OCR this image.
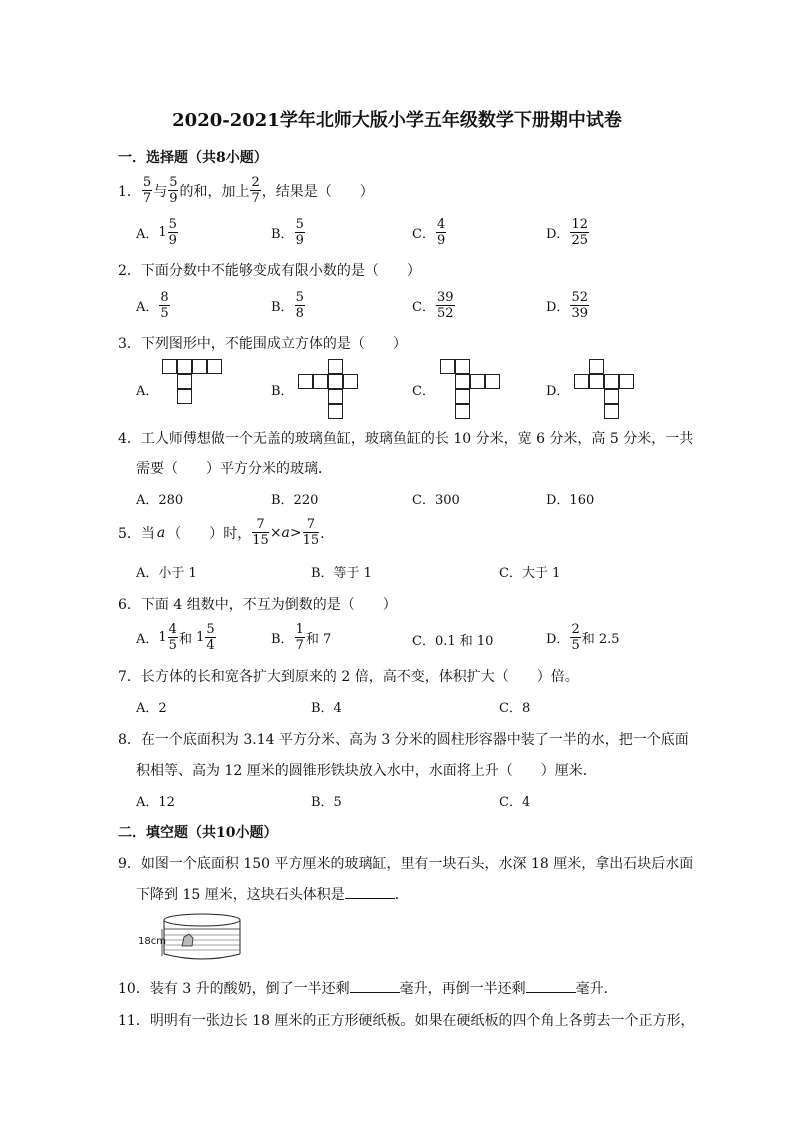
2020-2021学年北师大版小学五年级数学下册期中试卷
一．选择题（共8小题）
1． $\frac{5}{7}$ 与 $\frac{5}{9}$ 的和，加上 $\frac{2}{7}$ ，结果是（　　）
A． $1 \frac{5}{9}$	B． $\frac{5}{9}$	C． $\frac{4}{9}$	D． $\frac{12}{25}$
2．下面分数中不能够变成有限小数的是（　　）
A． $\frac{8}{5}$	B． $\frac{5}{8}$	C． $\frac{39}{52}$	D． $\frac{52}{39}$
3．下列图形中，不能围成立方体的是（　　）
A．	B．	C．	D．
4．工人师傅想做一个无盖的玻璃鱼缸，玻璃鱼缸的长 10 分米，宽 6 分米，高 5 分米，一共
需要（　　）平方分米的玻璃．
A．280	B．220	C．300	D．160
5．当 a （　　）时， $\frac{7}{15} \times a> \frac{7}{15}$ ．
A．小于 1	B．等于 1	C．大于 1
6．下面 4 组数中，不互为倒数的是（　　）
A． $1 \frac{4}{5}$ 和
$1 \frac{5}{4}$	B． $\frac{1}{7}$ 和 7	C．0.1 和 10	D． $\frac{2}{5}$ 和 2.5
7．长方体的长和宽各扩大到原来的 2 倍，高不变，体积扩大（　　）倍。
A．2	B．4	C．8
8．在一个底面积为 3.14 平方分米、高为 3 分米的圆柱形容器中装了一半的水，把一个底面
积相等、高为 12 厘米的圆锥形铁块放入水中，水面将上升（　　）厘米．
A．12	B．5	C．4
二．填空题（共10小题）
9．如图一个底面积 150 平方厘米的玻璃缸，里有一块石头，水深 18 厘米，拿出石块后水面
下降到 15 厘米，这块石头体积是	．
18cm
10．装有 3 升的酸奶，倒了一半还剩	毫升，再倒一半还剩	毫升．
11．明明有一张边长 18 厘米的正方形硬纸板。如果在硬纸板的四个角上各剪去一个正方形，
